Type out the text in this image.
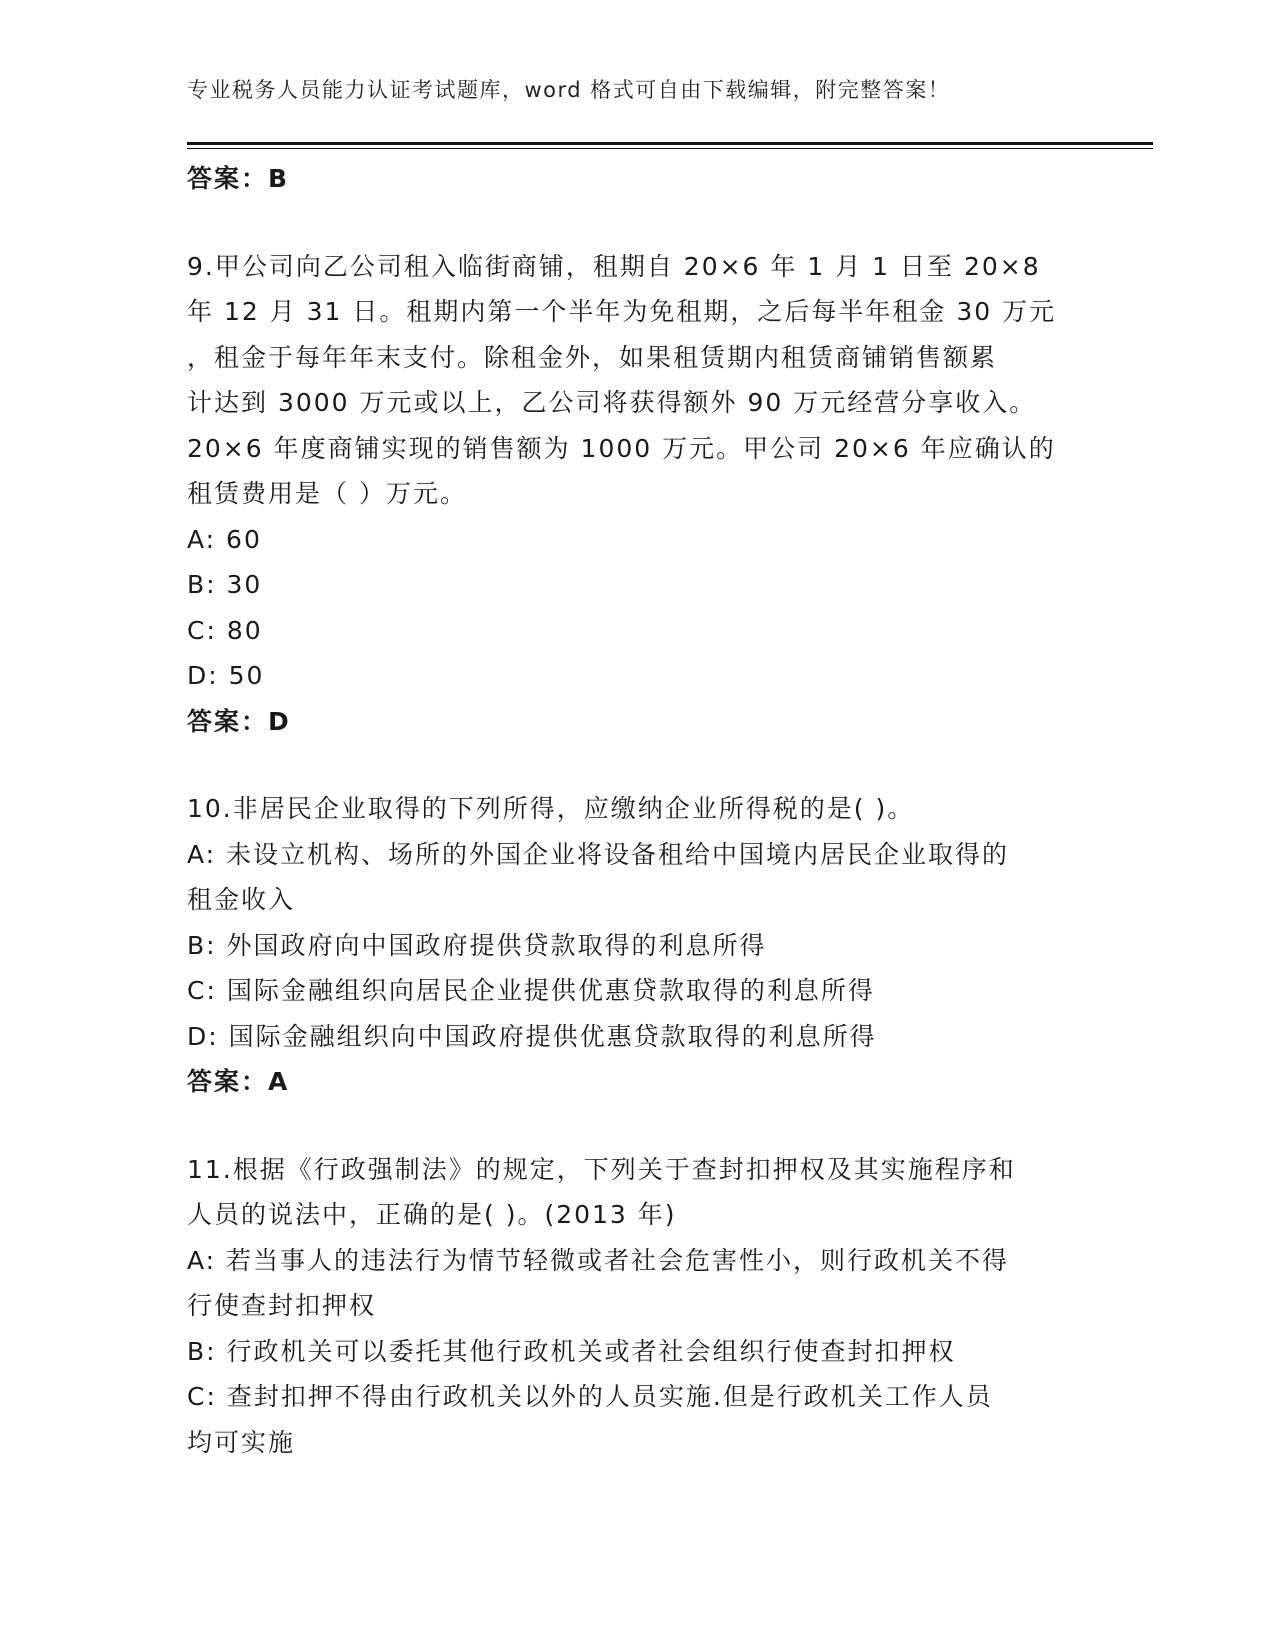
专业税务人员能力认证考试题库，word 格式可自由下载编辑，附完整答案！
答案：B
9.甲公司向乙公司租入临街商铺，租期自 20×6 年 1 月 1 日至 20×8
年 12 月 31 日。租期内第一个半年为免租期，之后每半年租金 30 万元
，租金于每年年末支付。除租金外，如果租赁期内租赁商铺销售额累
计达到 3000 万元或以上，乙公司将获得额外 90 万元经营分享收入。
20×6 年度商铺实现的销售额为 1000 万元。甲公司 20×6 年应确认的
租赁费用是（ ）万元。
A: 60
B: 30
C: 80
D: 50
答案：D
10.非居民企业取得的下列所得，应缴纳企业所得税的是( )。
A: 未设立机构、场所的外国企业将设备租给中国境内居民企业取得的
租金收入
B: 外国政府向中国政府提供贷款取得的利息所得
C: 国际金融组织向居民企业提供优惠贷款取得的利息所得
D: 国际金融组织向中国政府提供优惠贷款取得的利息所得
答案：A
11.根据《行政强制法》的规定，下列关于查封扣押权及其实施程序和
人员的说法中，正确的是( )。(2013 年)
A: 若当事人的违法行为情节轻微或者社会危害性小，则行政机关不得
行使查封扣押权
B: 行政机关可以委托其他行政机关或者社会组织行使查封扣押权
C: 查封扣押不得由行政机关以外的人员实施.但是行政机关工作人员
均可实施
